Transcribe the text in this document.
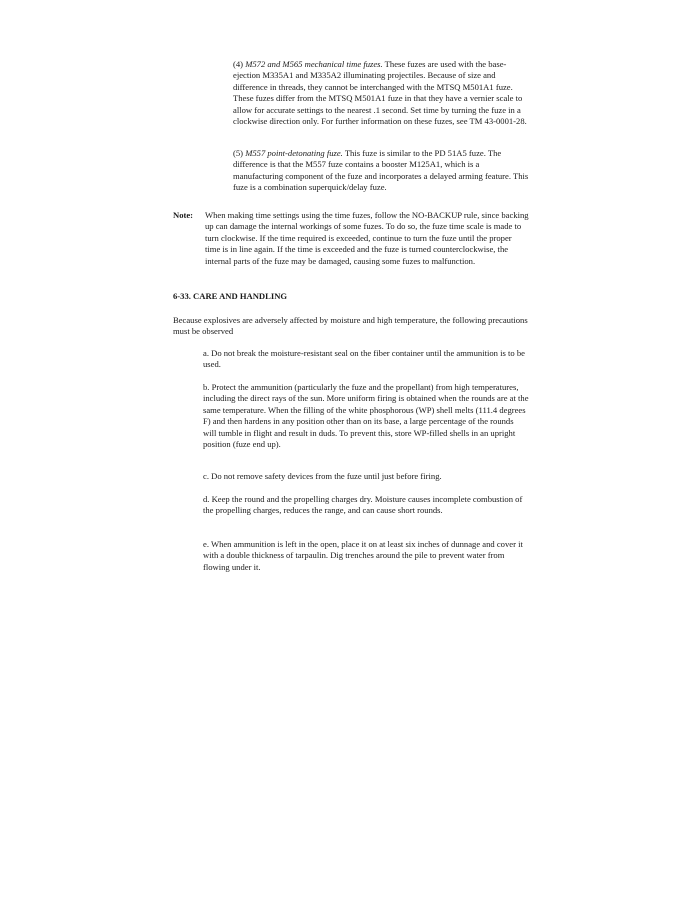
(4) M572 and M565 mechanical time fuzes. These fuzes are used with the base-ejection M335A1 and M335A2 illuminating projectiles. Because of size and difference in threads, they cannot be interchanged with the MTSQ M501A1 fuze. These fuzes differ from the MTSQ M501A1 fuze in that they have a vernier scale to allow for accurate settings to the nearest .1 second. Set time by turning the fuze in a clockwise direction only. For further information on these fuzes, see TM 43-0001-28.

(5) M557 point-detonating fuze. This fuze is similar to the PD 51A5 fuze. The difference is that the M557 fuze contains a booster M125A1, which is a manufacturing component of the fuze and incorporates a delayed arming feature. This fuze is a combination superquick/delay fuze.

Note: When making time settings using the time fuzes, follow the NO-BACKUP rule, since backing up can damage the internal workings of some fuzes. To do so, the fuze time scale is made to turn clockwise. If the time required is exceeded, continue to turn the fuze until the proper time is in line again. If the time is exceeded and the fuze is turned counterclockwise, the internal parts of the fuze may be damaged, causing some fuzes to malfunction.
6-33. CARE AND HANDLING

Because explosives are adversely affected by moisture and high temperature, the following precautions must be observed

a. Do not break the moisture-resistant seal on the fiber container until the ammunition is to be used.

b. Protect the ammunition (particularly the fuze and the propellant) from high temperatures, including the direct rays of the sun. More uniform firing is obtained when the rounds are at the same temperature. When the filling of the white phosphorous (WP) shell melts (111.4 degrees F) and then hardens in any position other than on its base, a large percentage of the rounds will tumble in flight and result in duds. To prevent this, store WP-filled shells in an upright position (fuze end up).

c. Do not remove safety devices from the fuze until just before firing.

d. Keep the round and the propelling charges dry. Moisture causes incomplete combustion of the propelling charges, reduces the range, and can cause short rounds.

e. When ammunition is left in the open, place it on at least six inches of dunnage and cover it with a double thickness of tarpaulin. Dig trenches around the pile to prevent water from flowing under it.
